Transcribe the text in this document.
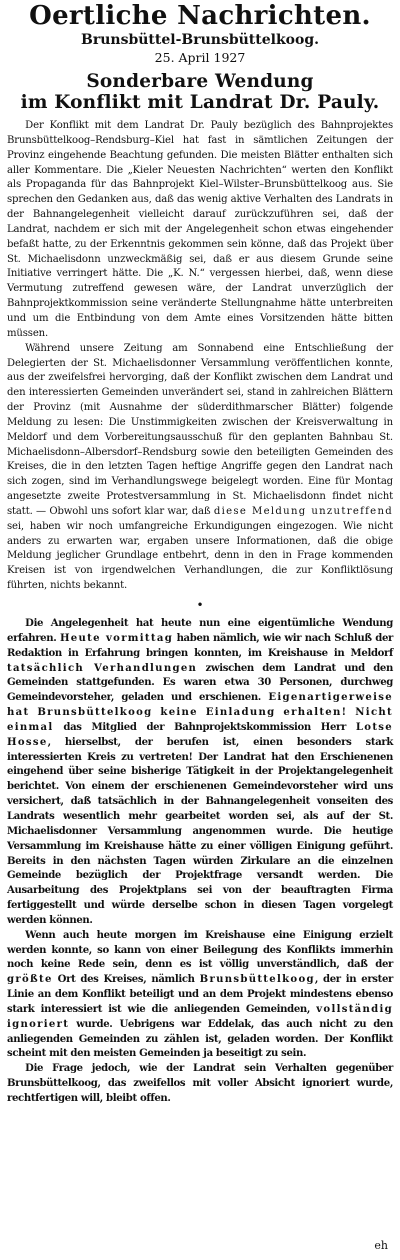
Oertliche Nachrichten.
Brunsbüttel-Brunsbüttelkoog.
25. April 1927
Sonderbare Wendung
im Konflikt mit Landrat Dr. Pauly.

Der Konflikt mit dem Landrat Dr. Pauly bezüglich des Bahnprojektes Brunsbüttelkoog–Rendsburg–Kiel hat fast in sämtlichen Zeitungen der Provinz eingehende Beachtung gefunden. Die meisten Blätter enthalten sich aller Kommentare. Die „Kieler Neuesten Nachrichten“ werten den Konflikt als Propaganda für das Bahnprojekt Kiel–Wilster–Brunsbüttelkoog aus. Sie sprechen den Gedanken aus, daß das wenig aktive Verhalten des Landrats in der Bahnangelegenheit vielleicht darauf zurückzuführen sei, daß der Landrat, nachdem er sich mit der Angelegenheit schon etwas eingehender befaßt hatte, zu der Erkenntnis gekommen sein könne, daß das Projekt über St. Michaelisdonn unzweckmäßig sei, daß er aus diesem Grunde seine Initiative verringert hätte. Die „K. N.“ vergessen hierbei, daß, wenn diese Vermutung zutreffend gewesen wäre, der Landrat unverzüglich der Bahnprojektkommission seine veränderte Stellungnahme hätte unterbreiten und um die Entbindung von dem Amte eines Vorsitzenden hätte bitten müssen.

Während unsere Zeitung am Sonnabend eine Entschließung der Delegierten der St. Michaelisdonner Versammlung veröffentlichen konnte, aus der zweifelsfrei hervorging, daß der Konflikt zwischen dem Landrat und den interessierten Gemeinden unverändert sei, stand in zahlreichen Blättern der Provinz (mit Ausnahme der süderdithmarscher Blätter) folgende Meldung zu lesen: Die Unstimmigkeiten zwischen der Kreisverwaltung in Meldorf und dem Vorbereitungsausschuß für den geplanten Bahnbau St. Michaelisdonn–Albersdorf–Rendsburg sowie den beteiligten Gemeinden des Kreises, die in den letzten Tagen heftige Angriffe gegen den Landrat nach sich zogen, sind im Verhandlungswege beigelegt worden. Eine für Montag angesetzte zweite Protestversammlung in St. Michaelisdonn findet nicht statt. — Obwohl uns sofort klar war, daß diese Meldung unzutreffend sei, haben wir noch umfangreiche Erkundigungen eingezogen. Wie nicht anders zu erwarten war, ergaben unsere Informationen, daß die obige Meldung jeglicher Grundlage entbehrt, denn in den in Frage kommenden Kreisen ist von irgendwelchen Verhandlungen, die zur Konfliktlösung führten, nichts bekannt.

•

Die Angelegenheit hat heute nun eine eigentümliche Wendung erfahren. Heute vormittag haben nämlich, wie wir nach Schluß der Redaktion in Erfahrung bringen konnten, im Kreishause in Meldorf tatsächlich Verhandlungen zwischen dem Landrat und den Gemeinden stattgefunden. Es waren etwa 30 Personen, durchweg Gemeindevorsteher, geladen und erschienen. Eigenartigerweise hat Brunsbüttelkoog keine Einladung erhalten! Nicht einmal das Mitglied der Bahnprojektskommission Herr Lotse Hosse, hierselbst, der berufen ist, einen besonders stark interessierten Kreis zu vertreten! Der Landrat hat den Erschienenen eingehend über seine bisherige Tätigkeit in der Projektangelegenheit berichtet. Von einem der erschienenen Gemeindevorsteher wird uns versichert, daß tatsächlich in der Bahnangelegenheit vonseiten des Landrats wesentlich mehr gearbeitet worden sei, als auf der St. Michaelisdonner Versammlung angenommen wurde. Die heutige Versammlung im Kreishause hätte zu einer völligen Einigung geführt. Bereits in den nächsten Tagen würden Zirkulare an die einzelnen Gemeinde bezüglich der Projektfrage versandt werden. Die Ausarbeitung des Projektplans sei von der beauftragten Firma fertiggestellt und würde derselbe schon in diesen Tagen vorgelegt werden können.

Wenn auch heute morgen im Kreishause eine Einigung erzielt werden konnte, so kann von einer Beilegung des Konflikts immerhin noch keine Rede sein, denn es ist völlig unverständlich, daß der größte Ort des Kreises, nämlich Brunsbüttelkoog, der in erster Linie an dem Konflikt beteiligt und an dem Projekt mindestens ebenso stark interessiert ist wie die anliegenden Gemeinden, vollständig ignoriert wurde. Uebrigens war Eddelak, das auch nicht zu den anliegenden Gemeinden zu zählen ist, geladen worden. Der Konflikt scheint mit den meisten Gemeinden ja beseitigt zu sein.

Die Frage jedoch, wie der Landrat sein Verhalten gegenüber Brunsbüttelkoog, das zweifellos mit voller Absicht ignoriert wurde, rechtfertigen will, bleibt offen.

eh
